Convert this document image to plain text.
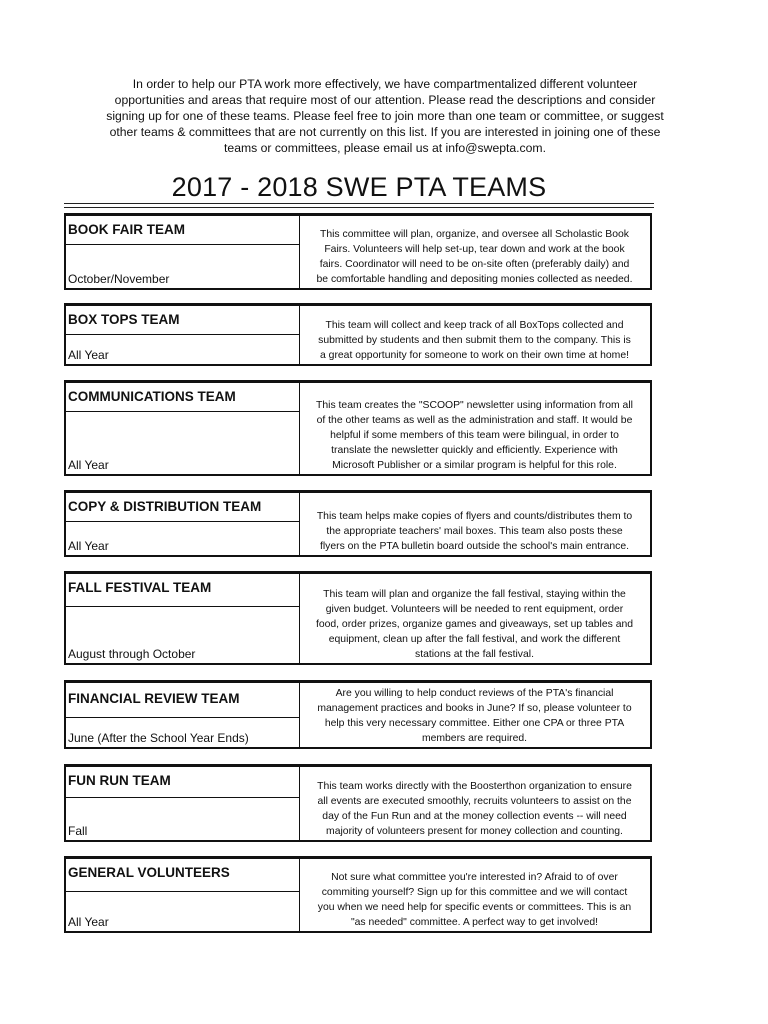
In order to help our PTA work more effectively, we have compartmentalized different volunteer
opportunities and areas that require most of our attention. Please read the descriptions and consider
signing up for one of these teams. Please feel free to join more than one team or committee, or suggest
other teams & committees that are not currently on this list. If you are interested in joining one of these
teams or committees, please email us at info@swepta.com.
2017 - 2018 SWE PTA TEAMS
BOOK FAIR TEAM
October/November
This committee will plan, organize, and oversee all Scholastic Book
Fairs. Volunteers will help set-up, tear down and work at the book
fairs. Coordinator will need to be on-site often (preferably daily) and
be comfortable handling and depositing monies collected as needed.
BOX TOPS TEAM
All Year
This team will collect and keep track of all BoxTops collected and
submitted by students and then submit them to the company. This is
a great opportunity for someone to work on their own time at home!
COMMUNICATIONS TEAM
All Year
This team creates the "SCOOP" newsletter using information from all
of the other teams as well as the administration and staff. It would be
helpful if some members of this team were bilingual, in order to
translate the newsletter quickly and efficiently. Experience with
Microsoft Publisher or a similar program is helpful for this role.
COPY & DISTRIBUTION TEAM
All Year
This team helps make copies of flyers and counts/distributes them to
the appropriate teachers' mail boxes. This team also posts these
flyers on the PTA bulletin board outside the school's main entrance.
FALL FESTIVAL TEAM
August through October
This team will plan and organize the fall festival, staying within the
given budget. Volunteers will be needed to rent equipment, order
food, order prizes, organize games and giveaways, set up tables and
equipment, clean up after the fall festival, and work the different
stations at the fall festival.
FINANCIAL REVIEW TEAM
June (After the School Year Ends)
Are you willing to help conduct reviews of the PTA's financial
management practices and books in June? If so, please volunteer to
help this very necessary committee. Either one CPA or three PTA
members are required.
FUN RUN TEAM
Fall
This team works directly with the Boosterthon organization to ensure
all events are executed smoothly, recruits volunteers to assist on the
day of the Fun Run and at the money collection events -- will need
majority of volunteers present for money collection and counting.
GENERAL VOLUNTEERS
All Year
Not sure what committee you're interested in? Afraid to of over
commiting yourself? Sign up for this committee and we will contact
you when we need help for specific events or committees. This is an
"as needed" committee. A perfect way to get involved!
